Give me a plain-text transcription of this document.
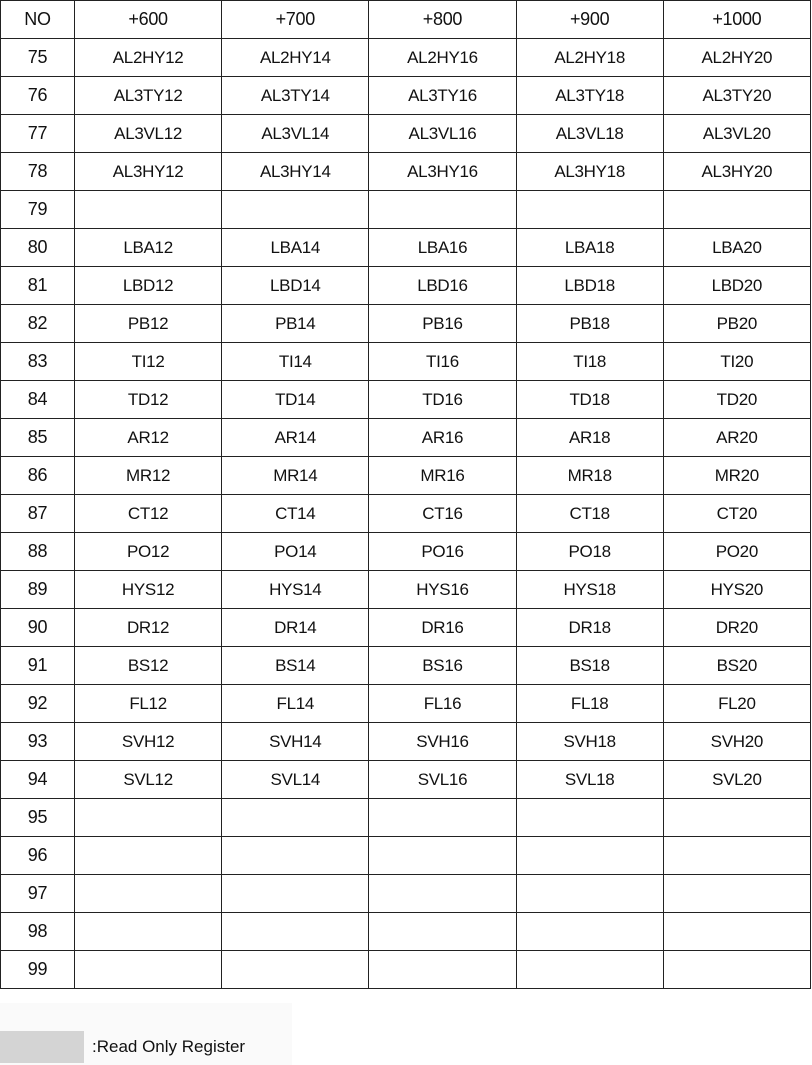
NO	+600	+700	+800	+900	+1000
75	AL2HY12	AL2HY14	AL2HY16	AL2HY18	AL2HY20
76	AL3TY12	AL3TY14	AL3TY16	AL3TY18	AL3TY20
77	AL3VL12	AL3VL14	AL3VL16	AL3VL18	AL3VL20
78	AL3HY12	AL3HY14	AL3HY16	AL3HY18	AL3HY20
79					
80	LBA12	LBA14	LBA16	LBA18	LBA20
81	LBD12	LBD14	LBD16	LBD18	LBD20
82	PB12	PB14	PB16	PB18	PB20
83	TI12	TI14	TI16	TI18	TI20
84	TD12	TD14	TD16	TD18	TD20
85	AR12	AR14	AR16	AR18	AR20
86	MR12	MR14	MR16	MR18	MR20
87	CT12	CT14	CT16	CT18	CT20
88	PO12	PO14	PO16	PO18	PO20
89	HYS12	HYS14	HYS16	HYS18	HYS20
90	DR12	DR14	DR16	DR18	DR20
91	BS12	BS14	BS16	BS18	BS20
92	FL12	FL14	FL16	FL18	FL20
93	SVH12	SVH14	SVH16	SVH18	SVH20
94	SVL12	SVL14	SVL16	SVL18	SVL20
95					
96					
97					
98					
99					
:Read Only Register
